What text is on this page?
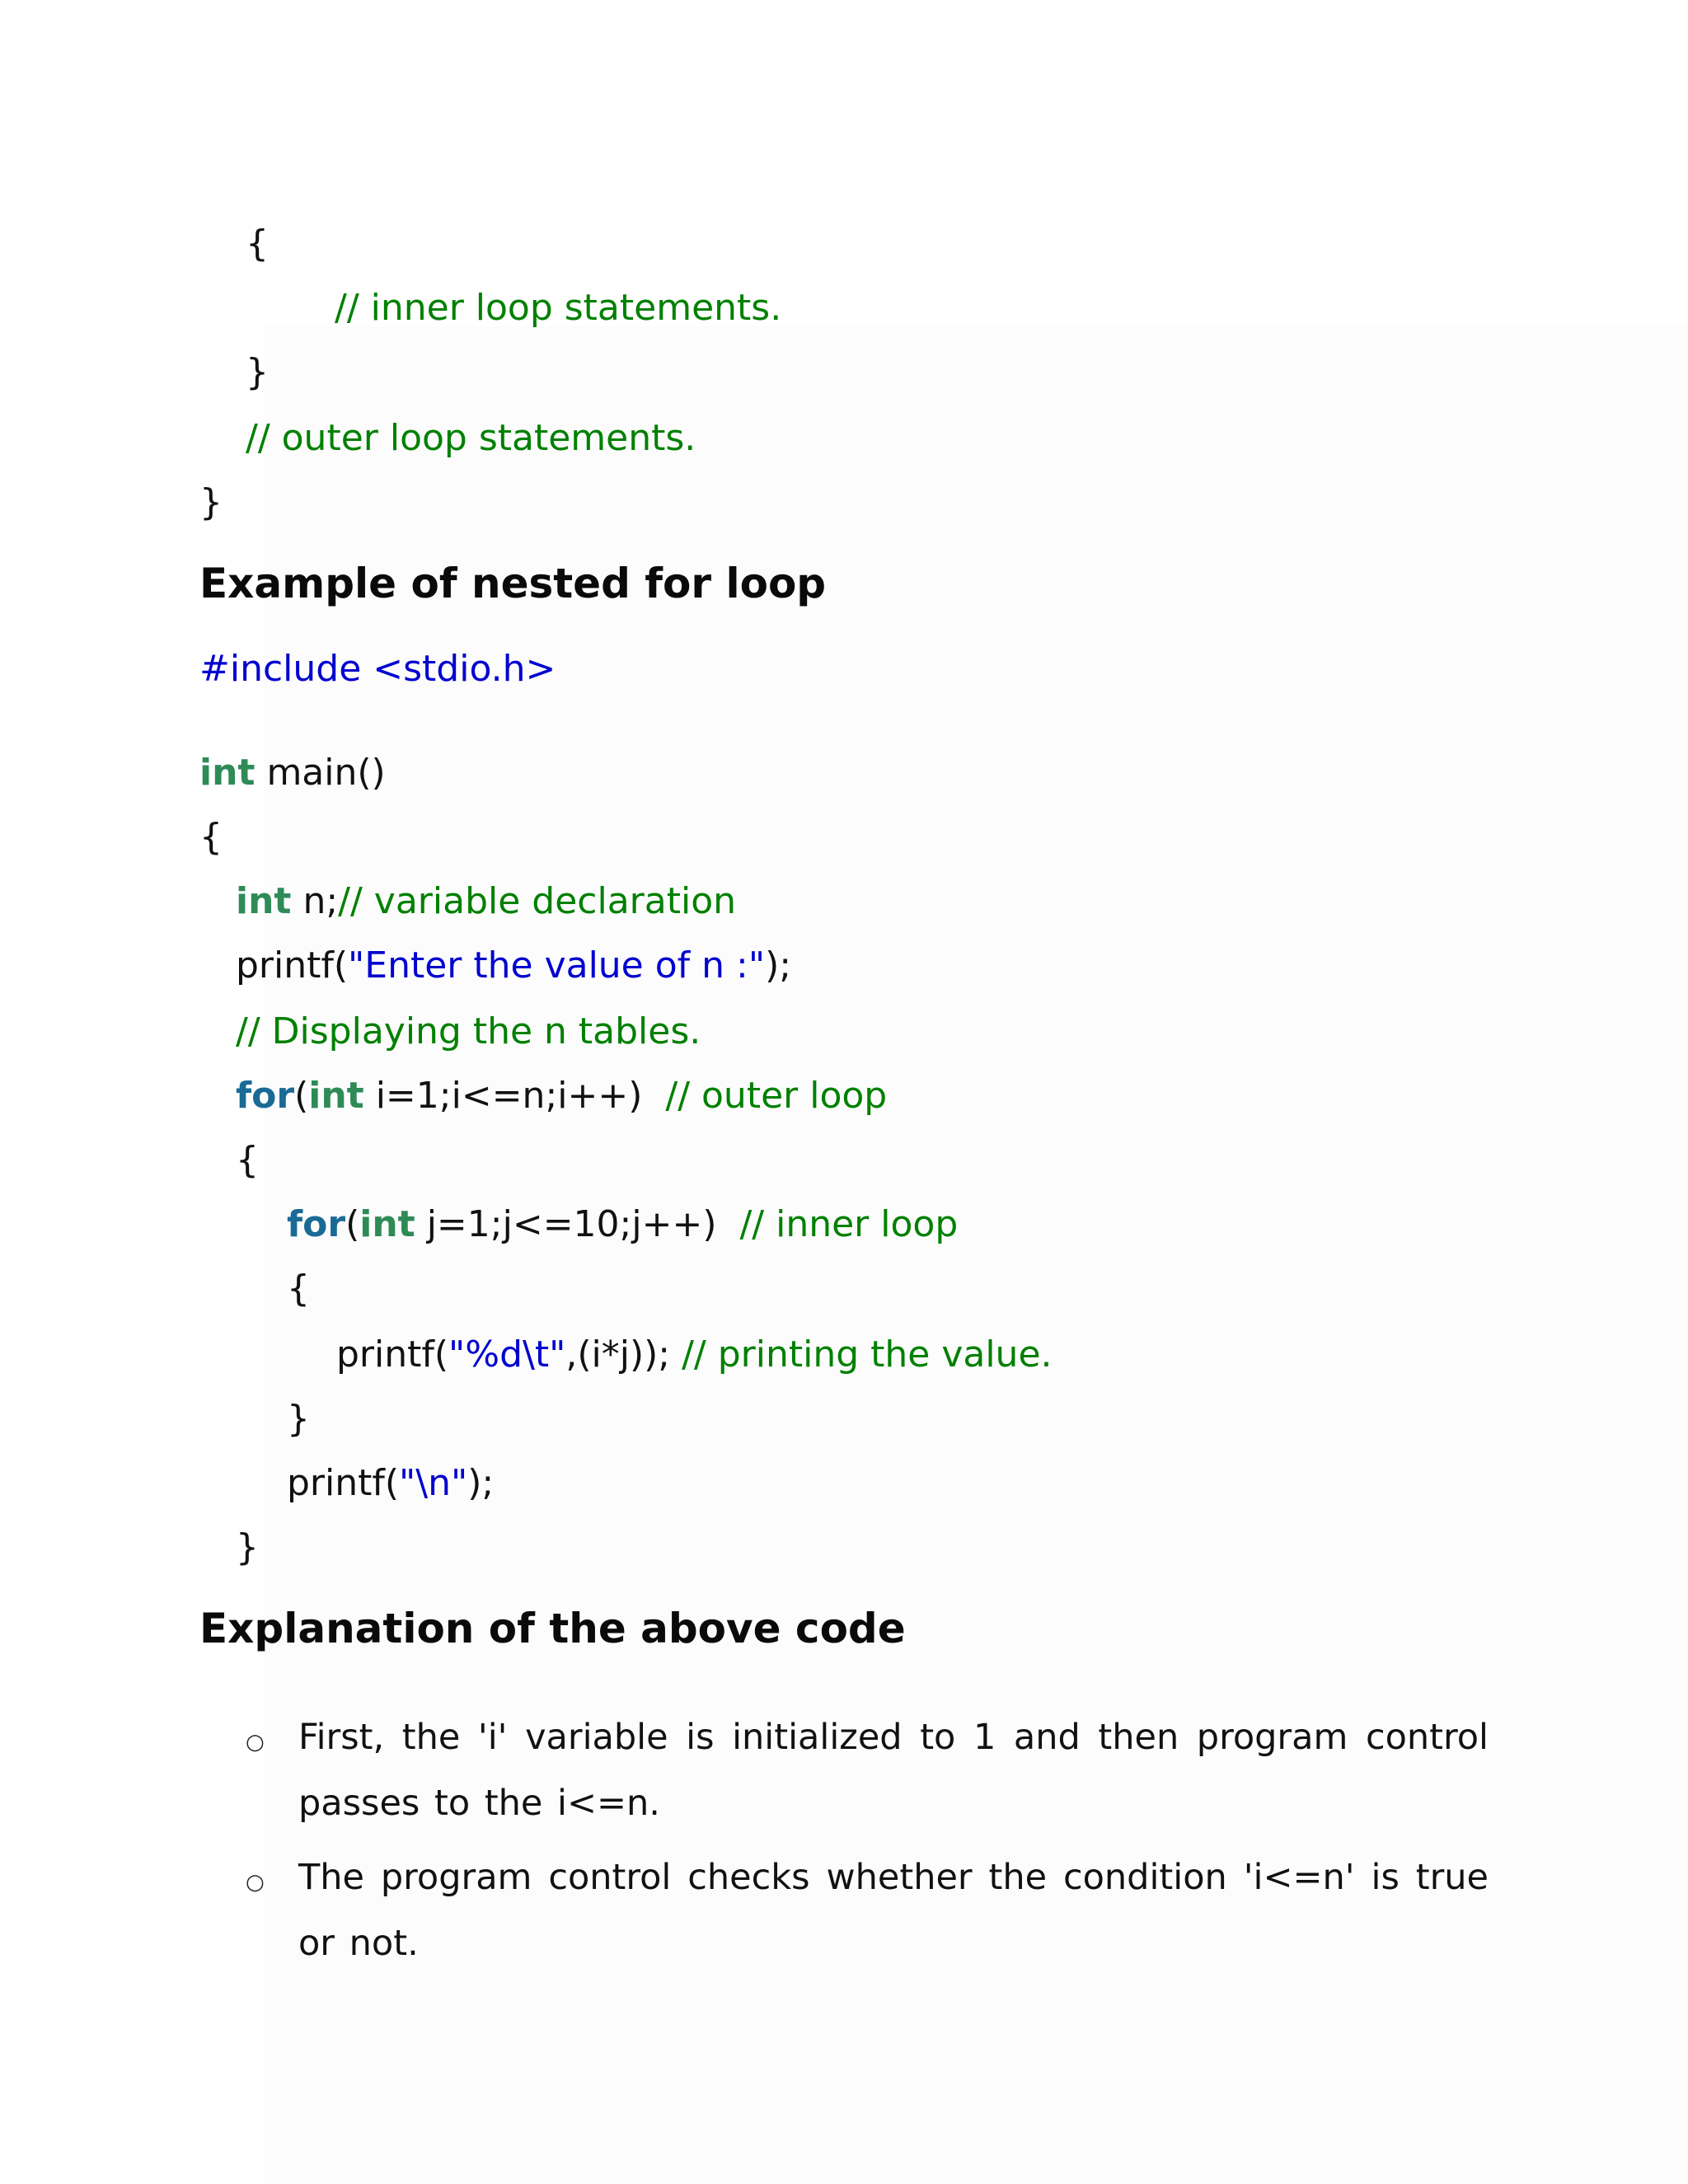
{
// inner loop statements.
}
// outer loop statements.
}
Example of nested for loop
#include <stdio.h>
int main()
{
int n;// variable declaration
printf("Enter the value of n :");
// Displaying the n tables.
for(int i=1;i<=n;i++)  // outer loop
{
for(int j=1;j<=10;j++)  // inner loop
{
printf("%d\t",(i*j)); // printing the value.
}
printf("\n");
}
Explanation of the above code
○ First, the 'i' variable is initialized to 1 and then program control passes to the i<=n.
○ The program control checks whether the condition 'i<=n' is true or not.
